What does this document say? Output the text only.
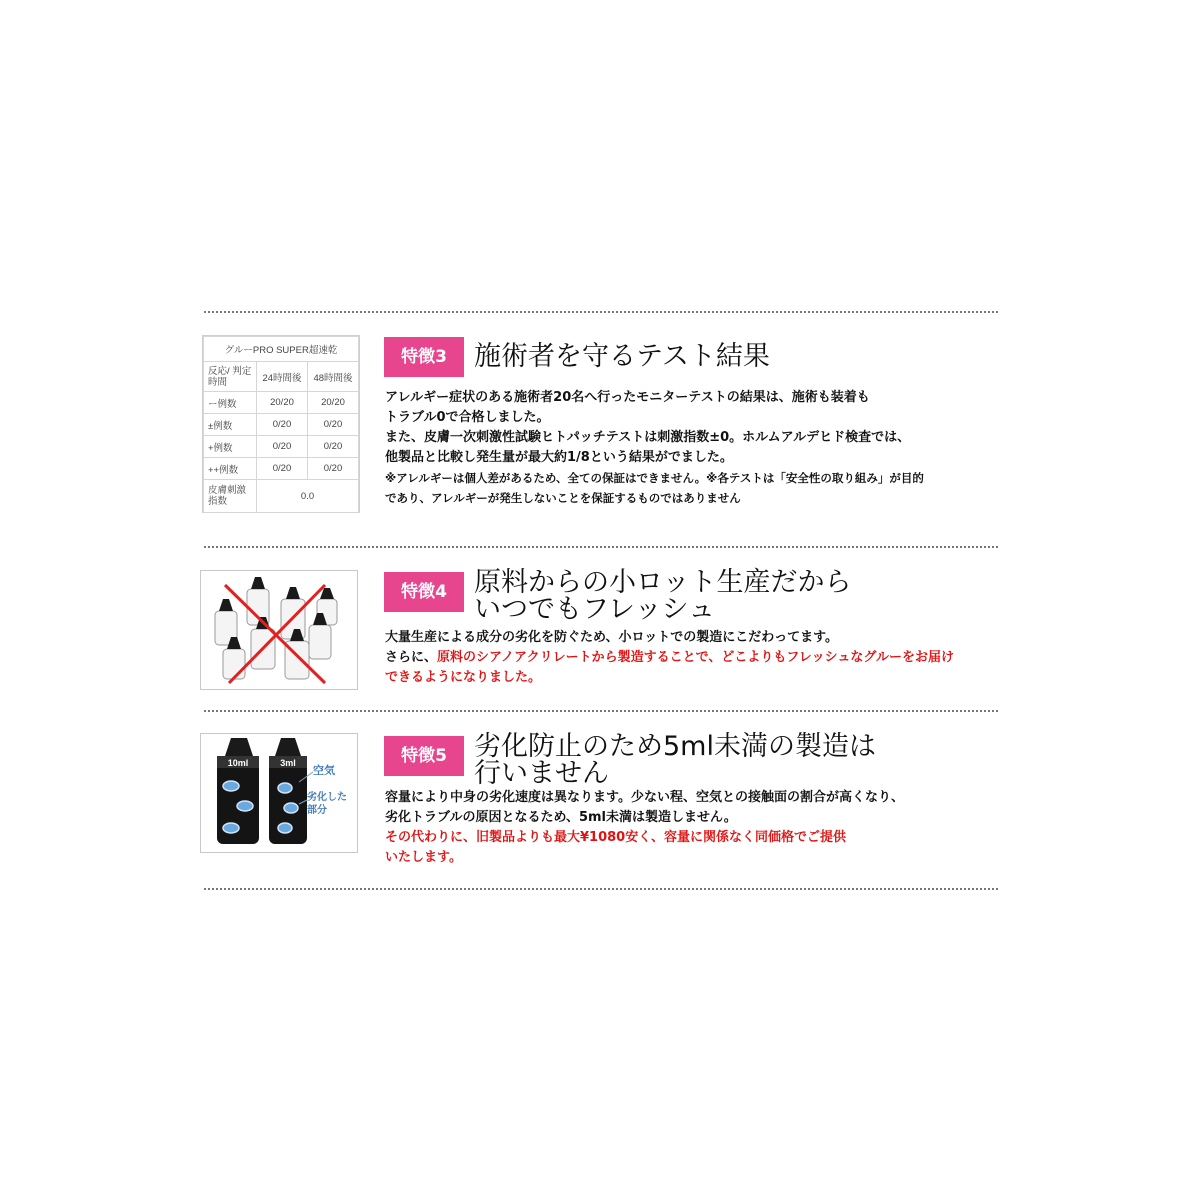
グルーPRO SUPER超速乾		
反応/ 判定時間	24時間後	48時間後
ー例数	20/20	20/20
±例数	0/20	0/20
+例数	0/20	0/20
++例数	0/20	0/20
皮膚刺激 指数	0.0	
特徴3	施術者を守るテスト結果
アレルギー症状のある施術者20名へ行ったモニターテストの結果は、施術も装着も
トラブル0で合格しました。
また、皮膚一次刺激性試験ヒトパッチテストは刺激指数±0。ホルムアルデヒド検査では、
他製品と比較し発生量が最大約1/8という結果がでました。
※アレルギーは個人差があるため、全ての保証はできません。※各テストは「安全性の取り組み」が目的
であり、アレルギーが発生しないことを保証するものではありません
特徴4	原料からの小ロット生産だから
いつでもフレッシュ
大量生産による成分の劣化を防ぐため、小ロットでの製造にこだわってます。
さらに、原料のシアノアクリレートから製造することで、どこよりもフレッシュなグルーをお届け
できるようになりました。
10ml	3ml
空気
劣化した
部分
特徴5	劣化防止のため5ml未満の製造は
行いません
容量により中身の劣化速度は異なります。少ない程、空気との接触面の割合が高くなり、
劣化トラブルの原因となるため、5ml未満は製造しません。
その代わりに、旧製品よりも最大¥1080安く、容量に関係なく同価格でご提供
いたします。
